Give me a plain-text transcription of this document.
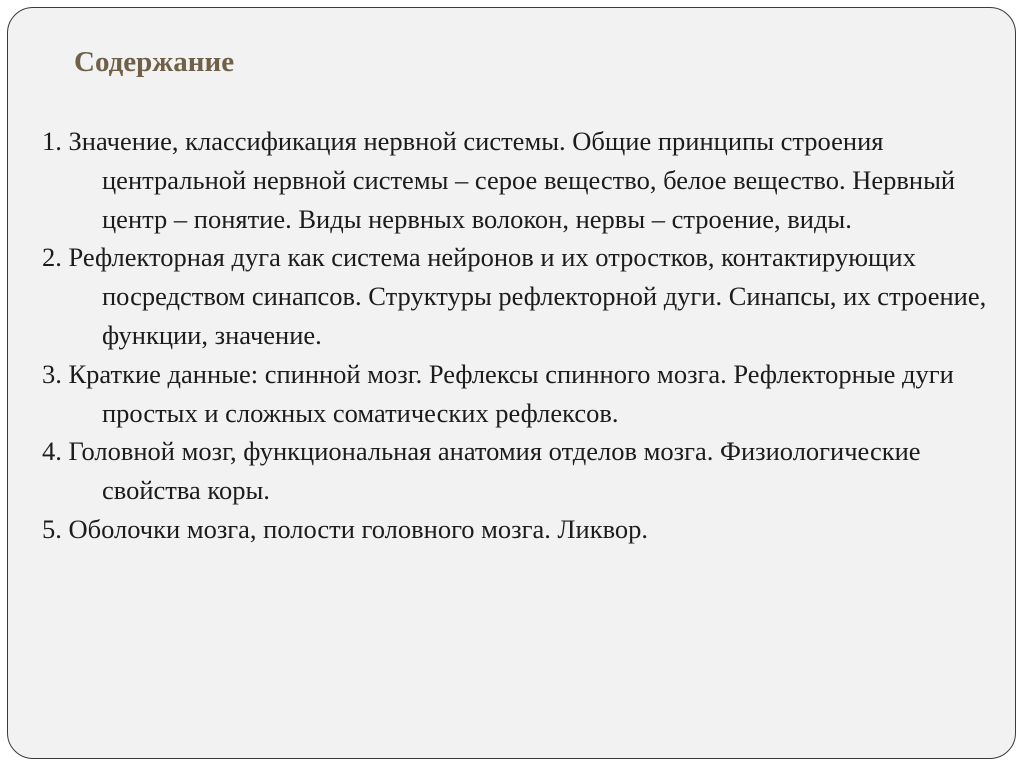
Содержание
1. Значение, классификация нервной системы. Общие принципы строения центральной нервной системы – серое вещество, белое вещество. Нервный центр – понятие. Виды нервных волокон, нервы – строение, виды.
2. Рефлекторная дуга как система нейронов и их отростков, контактирующих посредством синапсов. Структуры рефлекторной дуги. Синапсы, их строение, функции, значение.
3. Краткие данные: спинной мозг. Рефлексы спинного мозга. Рефлекторные дуги простых и сложных соматических рефлексов.
4. Головной мозг, функциональная анатомия отделов мозга. Физиологические свойства коры.
5. Оболочки мозга, полости головного мозга. Ликвор.
